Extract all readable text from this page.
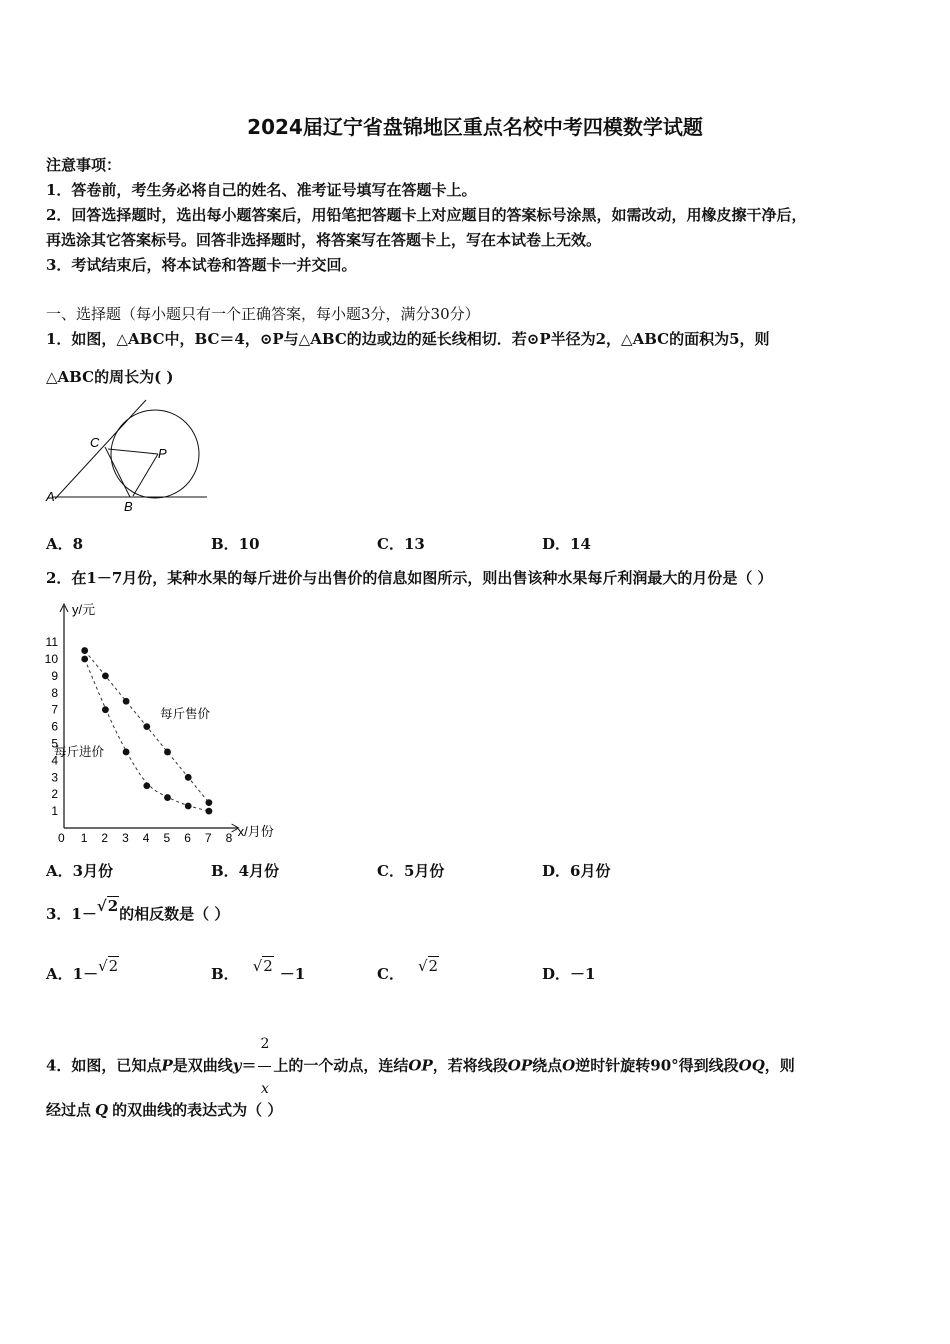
2024届辽宁省盘锦地区重点名校中考四模数学试题
注意事项：
1．答卷前，考生务必将自己的姓名、准考证号填写在答题卡上。
2．回答选择题时，选出每小题答案后，用铅笔把答题卡上对应题目的答案标号涂黑，如需改动，用橡皮擦干净后，
再选涂其它答案标号。回答非选择题时，将答案写在答题卡上，写在本试卷上无效。
3．考试结束后，将本试卷和答题卡一并交回。
一、选择题（每小题只有一个正确答案，每小题3分，满分30分）
1．如图，△ABC中，BC＝4，⊙P与△ABC的边或边的延长线相切．若⊙P半径为2，△ABC的面积为5，则
△ABC的周长为( )
A
B
C
P
A．8	B．10	C．13	D．14
2．在1－7月份，某种水果的每斤进价与出售价的信息如图所示，则出售该种水果每斤利润最大的月份是（ ）
0 1 2 3 4 5 6 7 8
1
2
3
4
5
6
7
8
9
10
11
y/元
x/月份
每斤售价
每斤进价
A．3月份	B．4月份	C．5月份	D．6月份
3．1－√2的相反数是（ ）
A．1－√2	B． √2 －1	C． √2	D．－1
4．如图，已知点P是双曲线$y= \frac{2}{x}$ 上的一个动点，连结OP，若将线段OP绕点O逆时针旋转90°得到线段OQ，则
经过点 Q 的双曲线的表达式为（ ）
